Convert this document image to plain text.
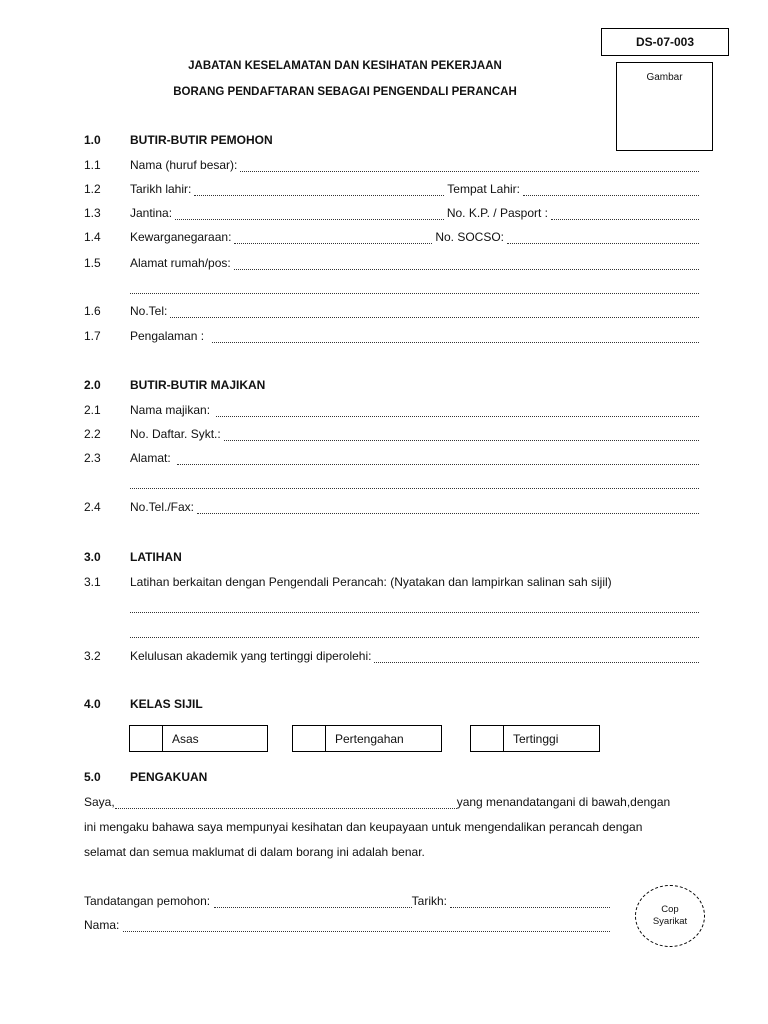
DS-07-003
Gambar
JABATAN KESELAMATAN DAN KESIHATAN PEKERJAAN
BORANG PENDAFTARAN SEBAGAI PENGENDALI PERANCAH
1.0 BUTIR-BUTIR PEMOHON
1.1 Nama (huruf besar):
1.2 Tarikh lahir:	Tempat Lahir:
1.3 Jantina:	No. K.P. / Pasport :
1.4 Kewarganegaraan:	No. SOCSO:
1.5 Alamat rumah/pos:
1.6 No.Tel:
1.7 Pengalaman :
2.0 BUTIR-BUTIR MAJIKAN
2.1 Nama majikan:
2.2 No. Daftar. Sykt.:
2.3 Alamat:
2.4 No.Tel./Fax:
3.0 LATIHAN
3.1 Latihan berkaitan dengan Pengendali Perancah: (Nyatakan dan lampirkan salinan sah sijil)
3.2 Kelulusan akademik yang tertinggi diperolehi:
4.0 KELAS SIJIL
Asas	Pertengahan	Tertinggi
5.0 PENGAKUAN
Saya,	yang menandatangani di bawah,dengan
ini mengaku bahawa saya mempunyai kesihatan dan keupayaan untuk mengendalikan perancah dengan
selamat dan semua maklumat di dalam borang ini adalah benar.
Tandatangan pemohon:	Tarikh:
Nama:
Cop
Syarikat
